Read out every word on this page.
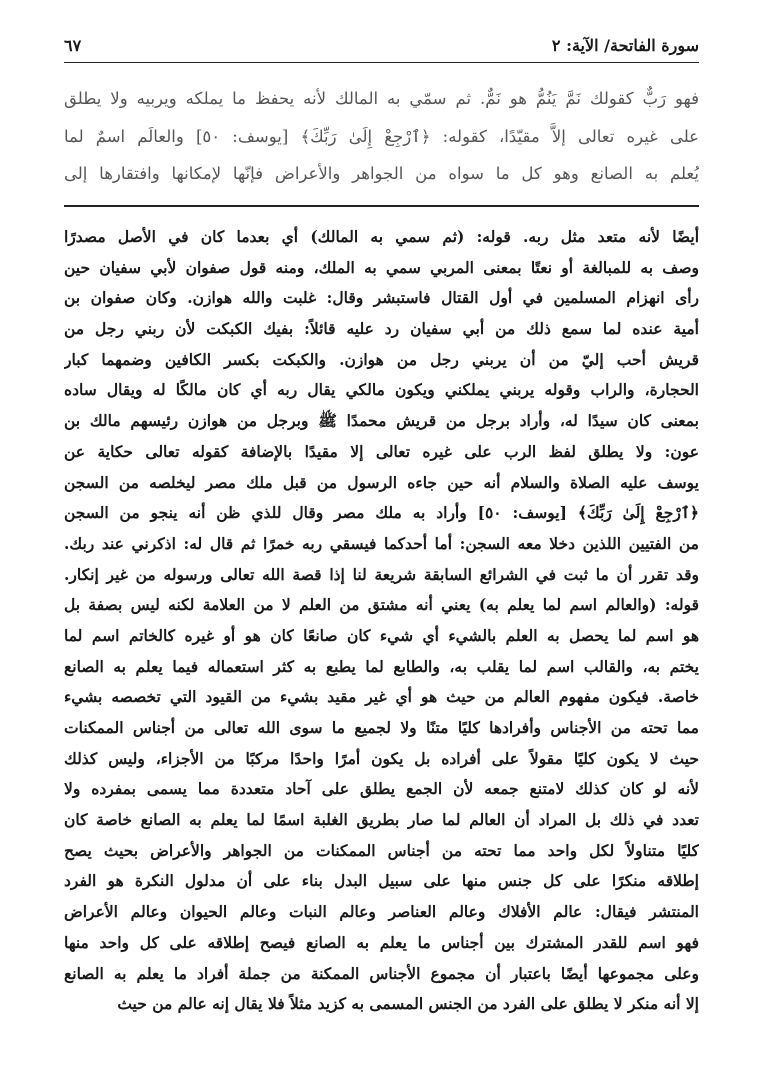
سورة الفاتحة/ الآية: ٢
٦٧
فهو رَبٌّ كقولك نَمَّ يَنُمُّ هو نَمٌّ. ثم سمّي به المالك لأنه يحفظ ما يملكه ويربيه ولا يطلق
على غيره تعالى إلاَّ مقيّدًا، كقوله: ﴿ٱرْجِعْ إِلَىٰ رَبِّكَ﴾ [يوسف: ٥٠] والعالَم اسمٌ لما
يُعلم به الصانع وهو كل ما سواه من الجواهر والأعراض فإنّها لإمكانها وافتقارها إلى
أيضًا لأنه متعد مثل ربه. قوله: (ثم سمي به المالك) أي بعدما كان في الأصل مصدرًا
وصف به للمبالغة أو نعتًا بمعنى المربي سمي به الملك، ومنه قول صفوان لأبي سفيان حين
رأى انهزام المسلمين في أول القتال فاستبشر وقال: غلبت والله هوازن. وكان صفوان بن
أمية عنده لما سمع ذلك من أبي سفيان رد عليه قائلاً: بفيك الكبكت لأن ربني رجل من
قريش أحب إليّ من أن يربني رجل من هوازن. والكبكت بكسر الكافين وضمهما كبار
الحجارة، والراب وقوله يربني يملكني ويكون مالكي يقال ربه أي كان مالكًا له ويقال ساده
بمعنى كان سيدًا له، وأراد برجل من قريش محمدًا ﷺ وبرجل من هوازن رئيسهم مالك بن
عون: ولا يطلق لفظ الرب على غيره تعالى إلا مقيدًا بالإضافة كقوله تعالى حكاية عن
يوسف عليه الصلاة والسلام أنه حين جاءه الرسول من قبل ملك مصر ليخلصه من السجن
﴿ٱرْجِعْ إِلَىٰ رَبِّكَ﴾ [يوسف: ٥٠] وأراد به ملك مصر وقال للذي ظن أنه ينجو من السجن
من الفتيين اللذين دخلا معه السجن: أما أحدكما فيسقي ربه خمرًا ثم قال له: اذكرني عند ربك.
وقد تقرر أن ما ثبت في الشرائع السابقة شريعة لنا إذا قصة الله تعالى ورسوله من غير إنكار.
قوله: (والعالم اسم لما يعلم به) يعني أنه مشتق من العلم لا من العلامة لكنه ليس بصفة بل
هو اسم لما يحصل به العلم بالشيء أي شيء كان صانعًا كان هو أو غيره كالخاتم اسم لما
يختم به، والقالب اسم لما يقلب به، والطابع لما يطبع به كثر استعماله فيما يعلم به الصانع
خاصة. فيكون مفهوم العالم من حيث هو أي غير مقيد بشيء من القيود التي تخصصه بشيء
مما تحته من الأجناس وأفرادها كليًا متنًا ولا لجميع ما سوى الله تعالى من أجناس الممكنات
حيث لا يكون كليًا مقولاً على أفراده بل يكون أمرًا واحدًا مركبًا من الأجزاء، وليس كذلك
لأنه لو كان كذلك لامتنع جمعه لأن الجمع يطلق على آحاد متعددة مما يسمى بمفرده ولا
تعدد في ذلك بل المراد أن العالم لما صار بطريق الغلبة اسمًا لما يعلم به الصانع خاصة كان
كليًا متناولاً لكل واحد مما تحته من أجناس الممكنات من الجواهر والأعراض بحيث يصح
إطلاقه منكرًا على كل جنس منها على سبيل البدل بناء على أن مدلول النكرة هو الفرد
المنتشر فيقال: عالم الأفلاك وعالم العناصر وعالم النبات وعالم الحيوان وعالم الأعراض
فهو اسم للقدر المشترك بين أجناس ما يعلم به الصانع فيصح إطلاقه على كل واحد منها
وعلى مجموعها أيضًا باعتبار أن مجموع الأجناس الممكنة من جملة أفراد ما يعلم به الصانع
إلا أنه منكر لا يطلق على الفرد من الجنس المسمى به كزيد مثلاً فلا يقال إنه عالم من حيث
